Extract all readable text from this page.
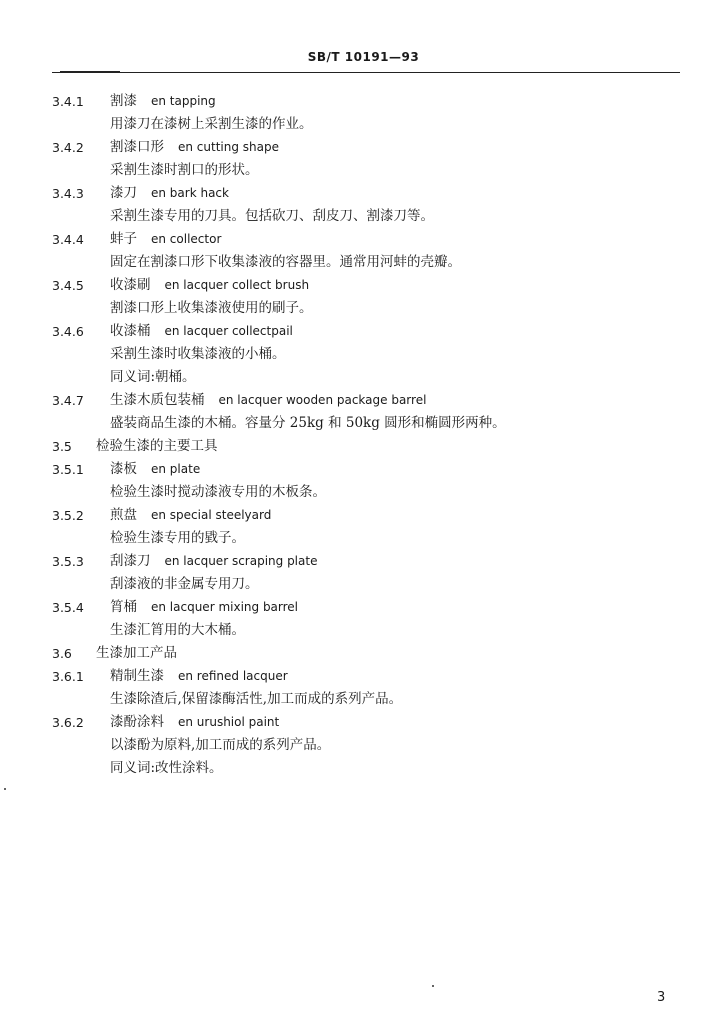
SB/T 10191—93
3.4.1 割漆 en tapping
用漆刀在漆树上采割生漆的作业。
3.4.2 割漆口形 en cutting shape
采割生漆时割口的形状。
3.4.3 漆刀 en bark hack
采割生漆专用的刀具。包括砍刀、刮皮刀、割漆刀等。
3.4.4 蚌子 en collector
固定在割漆口形下收集漆液的容器里。通常用河蚌的壳瓣。
3.4.5 收漆刷 en lacquer collect brush
割漆口形上收集漆液使用的刷子。
3.4.6 收漆桶 en lacquer collectpail
采割生漆时收集漆液的小桶。
同义词:朝桶。
3.4.7 生漆木质包装桶 en lacquer wooden package barrel
盛装商品生漆的木桶。容量分 25kg 和 50kg 圆形和椭圆形两种。
3.5 检验生漆的主要工具
3.5.1 漆板 en plate
检验生漆时搅动漆液专用的木板条。
3.5.2 煎盘 en special steelyard
检验生漆专用的戥子。
3.5.3 刮漆刀 en lacquer scraping plate
刮漆液的非金属专用刀。
3.5.4 筲桶 en lacquer mixing barrel
生漆汇筲用的大木桶。
3.6 生漆加工产品
3.6.1 精制生漆 en refined lacquer
生漆除渣后,保留漆酶活性,加工而成的系列产品。
3.6.2 漆酚涂料 en urushiol paint
以漆酚为原料,加工而成的系列产品。
同义词:改性涂料。
3
